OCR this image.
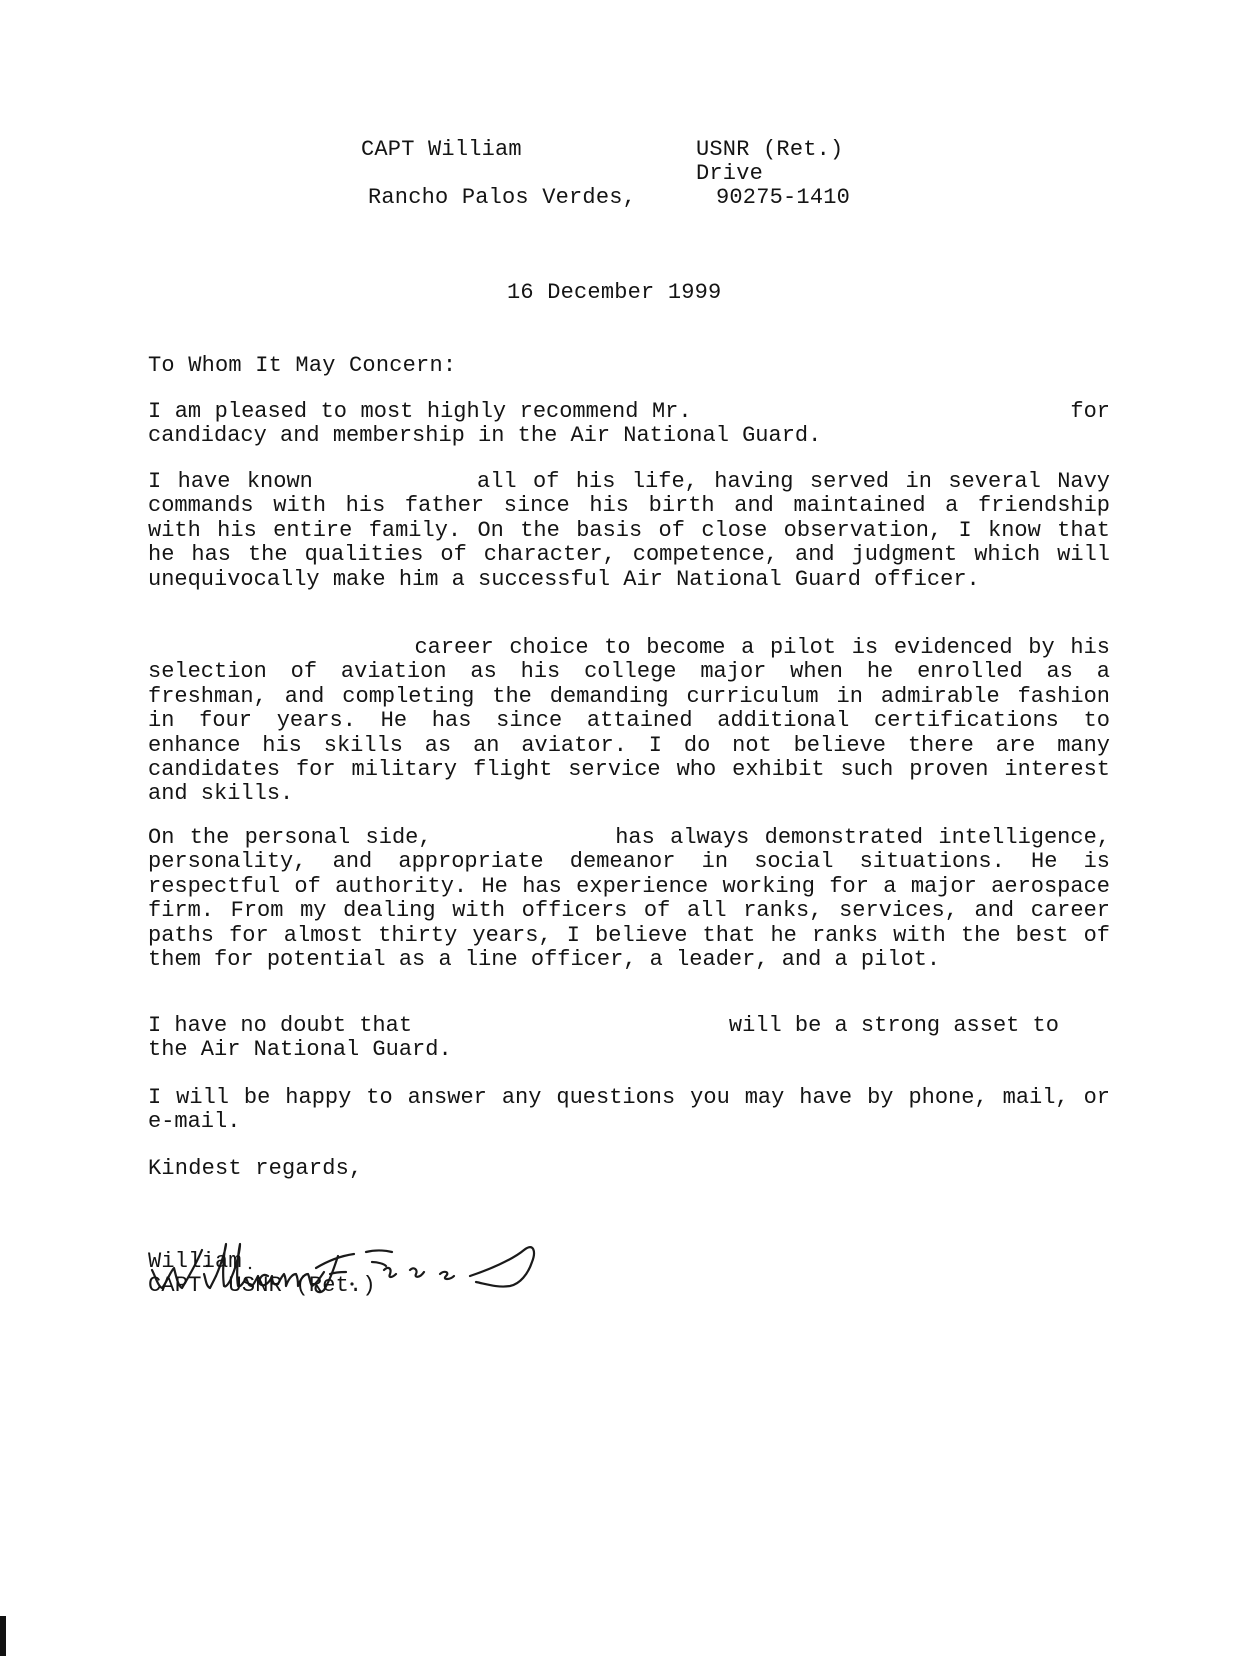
CAPT William	USNR (Ret.)
Drive
Rancho Palos Verdes,	90275-1410
16 December 1999
To Whom It May Concern:
I am pleased to most highly recommend Mr.                            for candidacy and membership in the Air National Guard.
I have known          all of his life, having served in several Navy commands with his father since his birth and maintained a friendship with his entire family. On the basis of close observation, I know that he has the qualities of character, competence, and judgment which will unequivocally make him a successful Air National Guard officer.
career choice to become a pilot is evidenced by his selection of aviation as his college major when he enrolled as a freshman, and completing the demanding curriculum in admirable fashion in four years. He has since attained additional certifications to enhance his skills as an aviator. I do not believe there are many candidates for military flight service who exhibit such proven interest and skills.
On the personal side,            has always demonstrated intelligence, personality, and appropriate demeanor in social situations. He is respectful of authority. He has experience working for a major aerospace firm. From my dealing with officers of all ranks, services, and career paths for almost thirty years, I believe that he ranks with the best of them for potential as a line officer, a leader, and a pilot.
I have no doubt that                        will be a strong asset to the Air National Guard.
I will be happy to answer any questions you may have by phone, mail, or e-mail.
Kindest regards,
William
CAPT  USNR (Ret.)
